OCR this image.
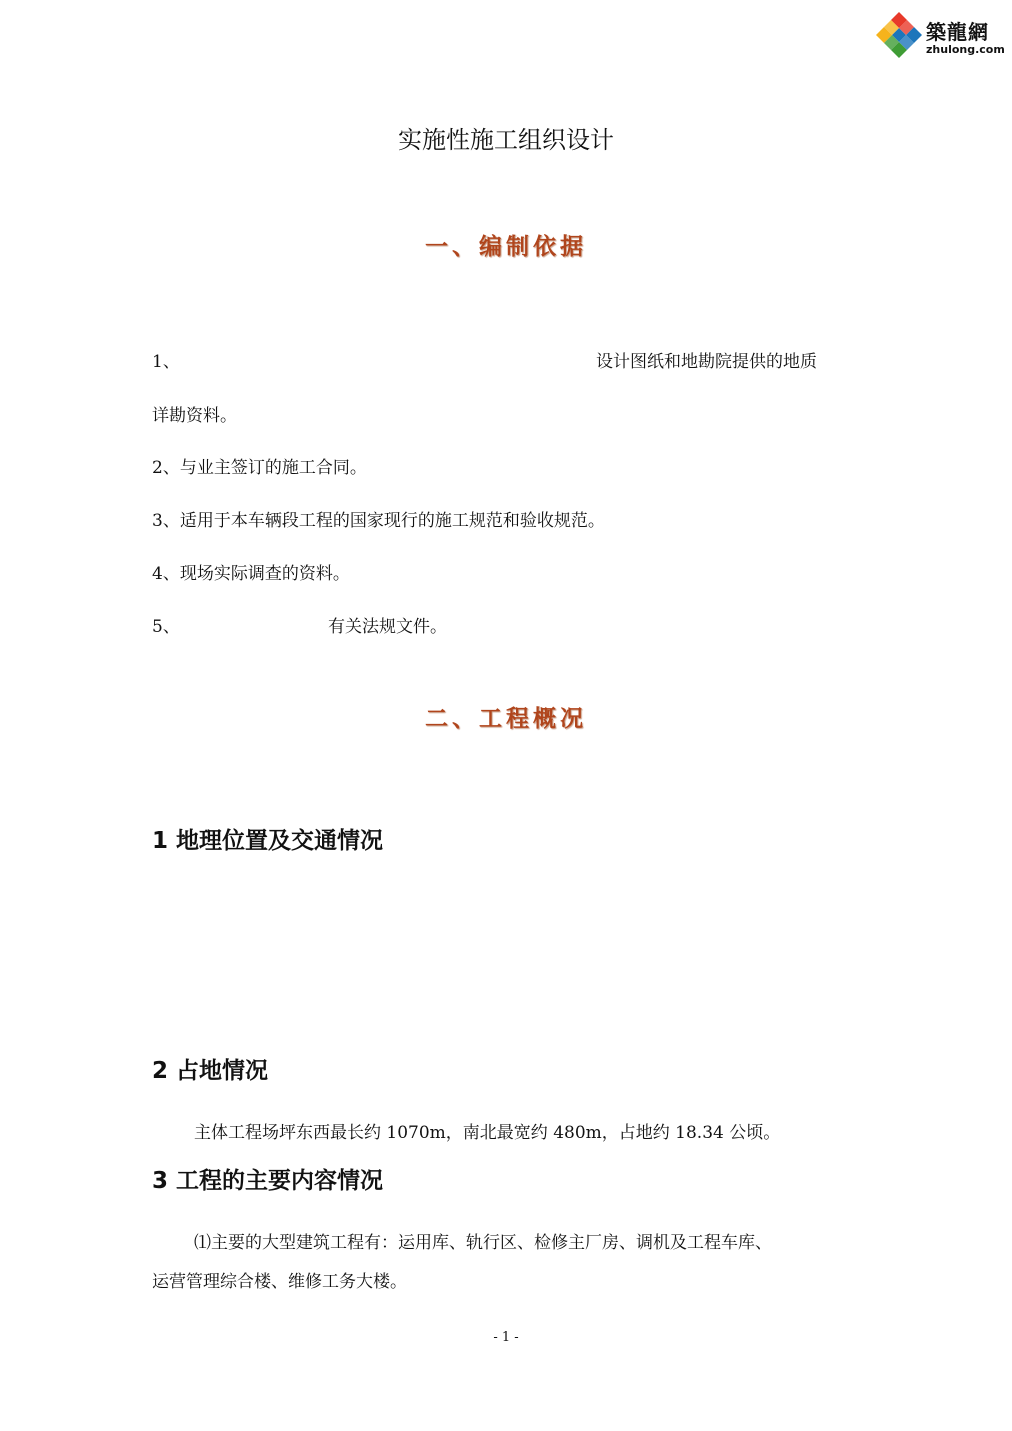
築龍網
zhulong.com
实施性施工组织设计
一、编制依据
1、	设计图纸和地勘院提供的地质
详勘资料。
2、与业主签订的施工合同。
3、适用于本车辆段工程的国家现行的施工规范和验收规范。
4、现场实际调查的资料。
5、	有关法规文件。
二、工程概况
1 地理位置及交通情况
2 占地情况
主体工程场坪东西最长约 1070m，南北最宽约 480m，占地约 18.34 公顷。
3 工程的主要内容情况
⑴主要的大型建筑工程有：运用库、轨行区、检修主厂房、调机及工程车库、
运营管理综合楼、维修工务大楼。
- 1 -
